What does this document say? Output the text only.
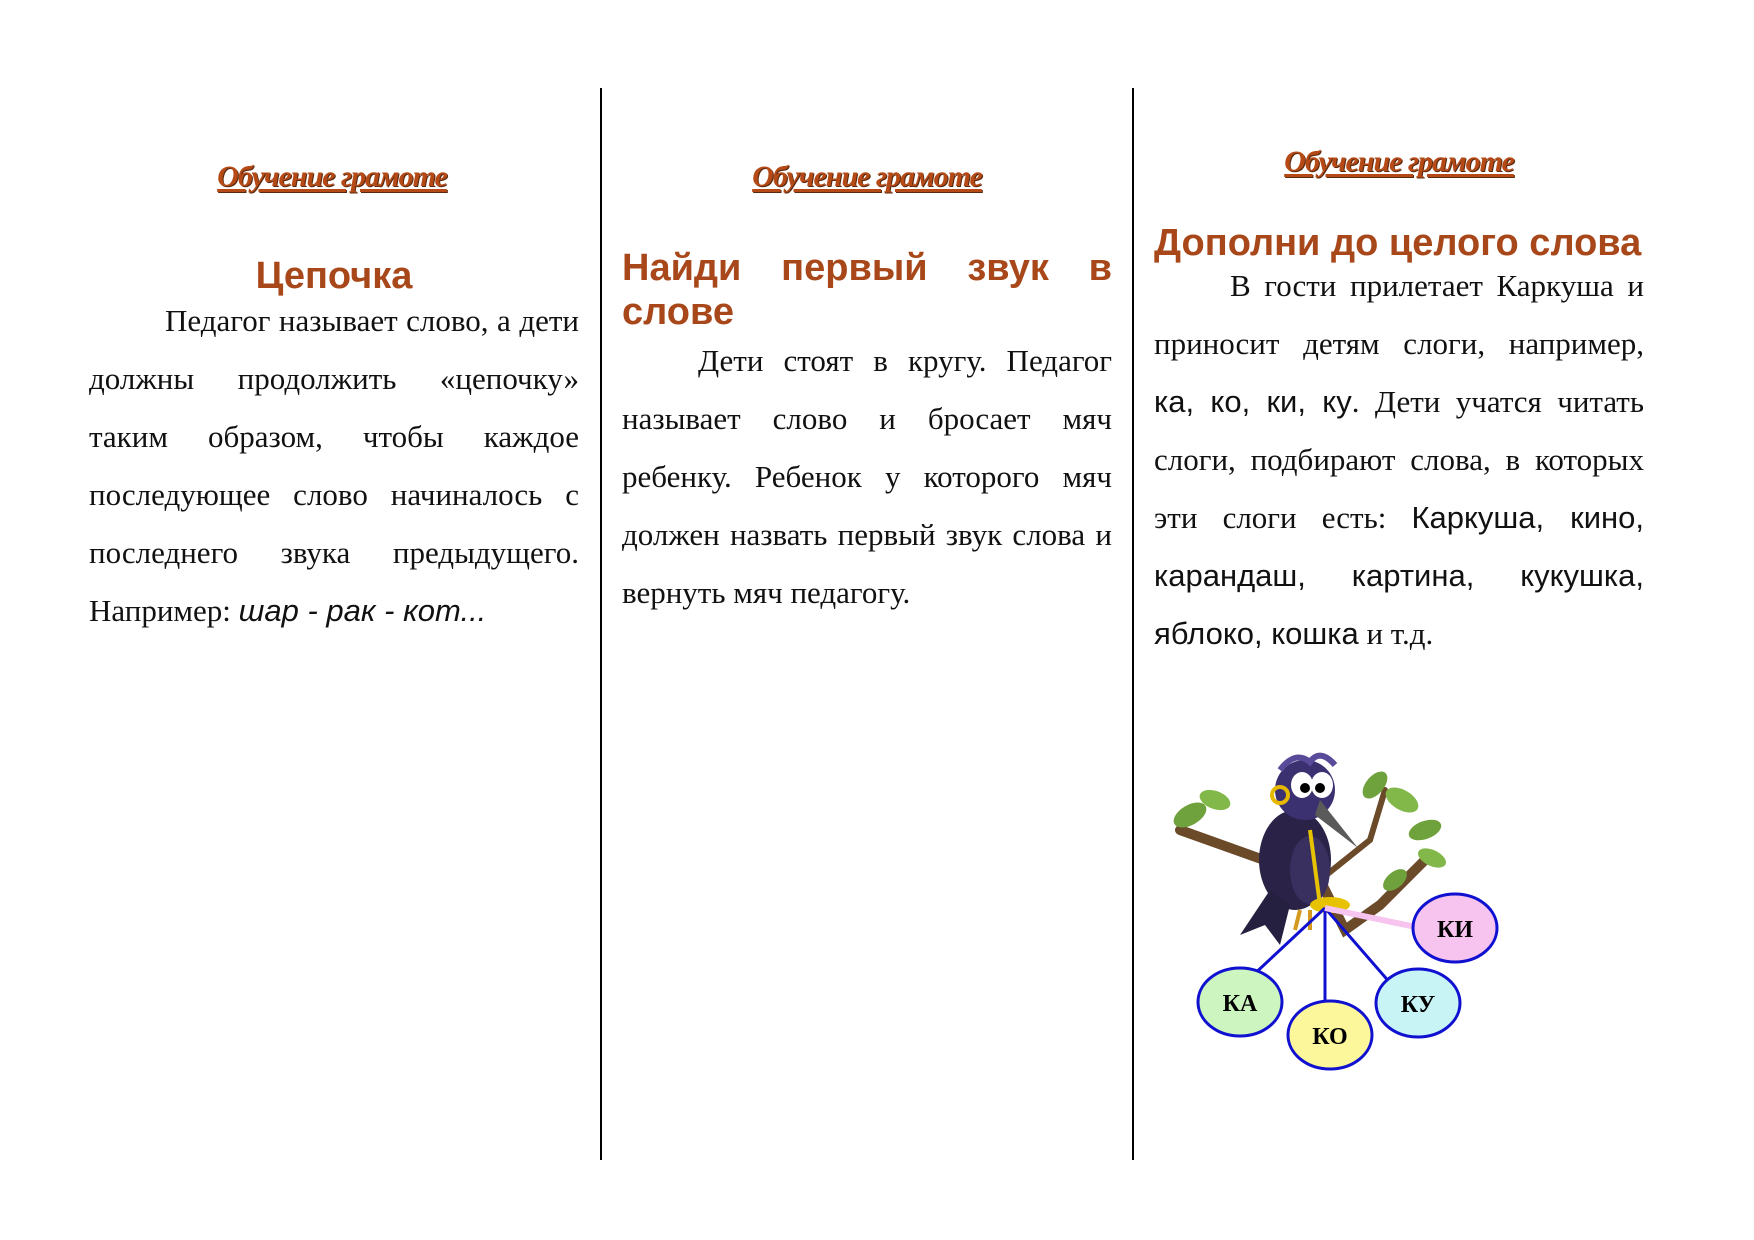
Обучение грамоте
Цепочка
Педагог называет слово, а дети должны продолжить «цепочку» таким образом, чтобы каждое последующее слово начиналось с последнего звука предыдущего. Например: шар - рак - кот...
Обучение грамоте
Найди первый звук в слове
Дети стоят в кругу. Педагог называет слово и бросает мяч ребенку. Ребенок у которого мяч должен назвать первый звук слова и вернуть мяч педагогу.
Обучение грамоте
Дополни до целого слова
В гости прилетает Каркуша и приносит детям слоги, например, ка, ко, ки, ку. Дети учатся читать слоги, подбирают слова, в которых эти слоги есть: Каркуша, кино, карандаш, картина, кукушка, яблоко, кошка и т.д.
КА
КО
КУ
КИ
